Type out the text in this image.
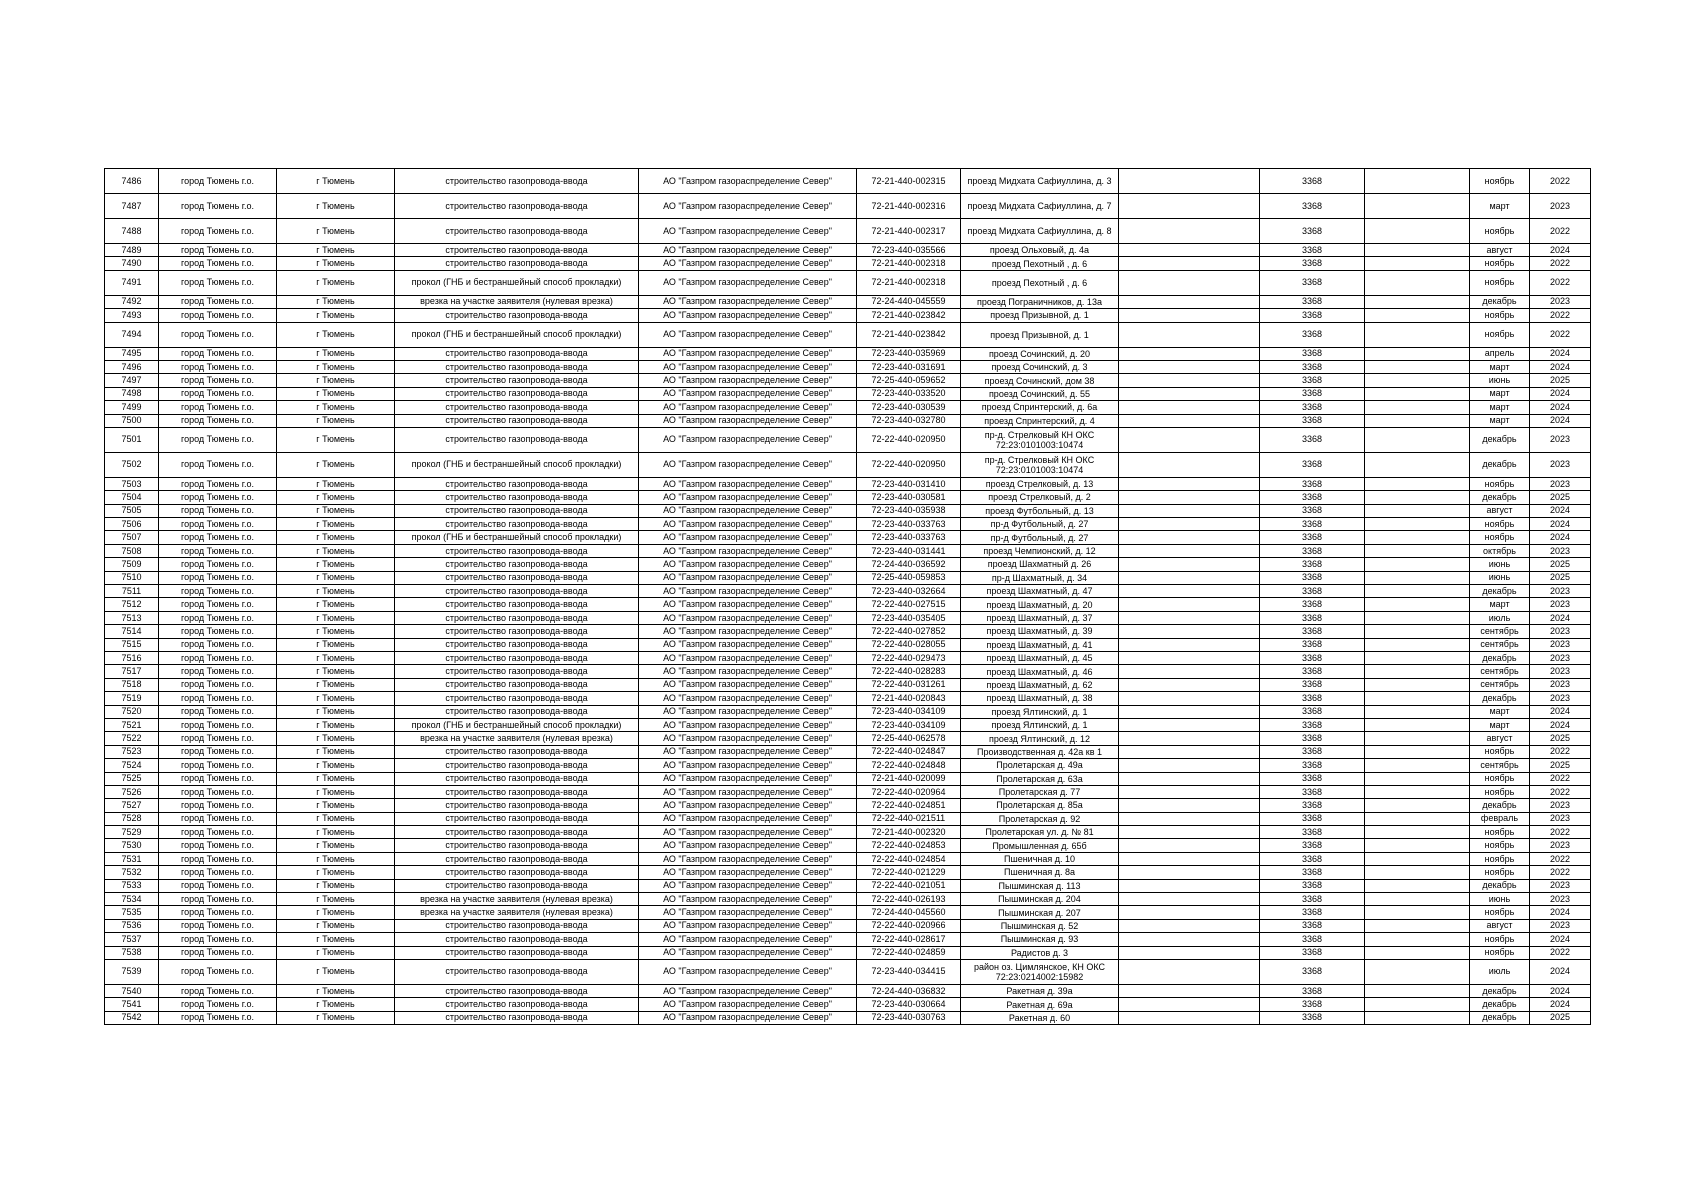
7486	город Тюмень г.о.	г Тюмень	строительство газопровода-ввода	АО "Газпром газораспределение Север"	72-21-440-002315	проезд Мидхата Сафиуллина, д. 3		3368		ноябрь	2022
7487	город Тюмень г.о.	г Тюмень	строительство газопровода-ввода	АО "Газпром газораспределение Север"	72-21-440-002316	проезд Мидхата Сафиуллина, д. 7		3368		март	2023
7488	город Тюмень г.о.	г Тюмень	строительство газопровода-ввода	АО "Газпром газораспределение Север"	72-21-440-002317	проезд Мидхата Сафиуллина, д. 8		3368		ноябрь	2022
7489	город Тюмень г.о.	г Тюмень	строительство газопровода-ввода	АО "Газпром газораспределение Север"	72-23-440-035566	проезд Ольховый, д. 4а		3368		август	2024
7490	город Тюмень г.о.	г Тюмень	строительство газопровода-ввода	АО "Газпром газораспределение Север"	72-21-440-002318	проезд Пехотный , д. 6		3368		ноябрь	2022
7491	город Тюмень г.о.	г Тюмень	прокол (ГНБ и бестраншейный способ прокладки)	АО "Газпром газораспределение Север"	72-21-440-002318	проезд Пехотный , д. 6		3368		ноябрь	2022
7492	город Тюмень г.о.	г Тюмень	врезка на участке заявителя (нулевая врезка)	АО "Газпром газораспределение Север"	72-24-440-045559	проезд Пограничников, д. 13а		3368		декабрь	2023
7493	город Тюмень г.о.	г Тюмень	строительство газопровода-ввода	АО "Газпром газораспределение Север"	72-21-440-023842	проезд Призывной, д. 1		3368		ноябрь	2022
7494	город Тюмень г.о.	г Тюмень	прокол (ГНБ и бестраншейный способ прокладки)	АО "Газпром газораспределение Север"	72-21-440-023842	проезд Призывной, д. 1		3368		ноябрь	2022
7495	город Тюмень г.о.	г Тюмень	строительство газопровода-ввода	АО "Газпром газораспределение Север"	72-23-440-035969	проезд Сочинский, д. 20		3368		апрель	2024
7496	город Тюмень г.о.	г Тюмень	строительство газопровода-ввода	АО "Газпром газораспределение Север"	72-23-440-031691	проезд Сочинский, д. 3		3368		март	2024
7497	город Тюмень г.о.	г Тюмень	строительство газопровода-ввода	АО "Газпром газораспределение Север"	72-25-440-059652	проезд Сочинский, дом 38		3368		июнь	2025
7498	город Тюмень г.о.	г Тюмень	строительство газопровода-ввода	АО "Газпром газораспределение Север"	72-23-440-033520	проезд Сочинский, д. 55		3368		март	2024
7499	город Тюмень г.о.	г Тюмень	строительство газопровода-ввода	АО "Газпром газораспределение Север"	72-23-440-030539	проезд Спринтерский, д. 6а		3368		март	2024
7500	город Тюмень г.о.	г Тюмень	строительство газопровода-ввода	АО "Газпром газораспределение Север"	72-23-440-032780	проезд Спринтерский, д. 4		3368		март	2024
7501	город Тюмень г.о.	г Тюмень	строительство газопровода-ввода	АО "Газпром газораспределение Север"	72-22-440-020950	пр-д. Стрелковый КН ОКС 72:23:0101003:10474		3368		декабрь	2023
7502	город Тюмень г.о.	г Тюмень	прокол (ГНБ и бестраншейный способ прокладки)	АО "Газпром газораспределение Север"	72-22-440-020950	пр-д. Стрелковый КН ОКС 72:23:0101003:10474		3368		декабрь	2023
7503	город Тюмень г.о.	г Тюмень	строительство газопровода-ввода	АО "Газпром газораспределение Север"	72-23-440-031410	проезд Стрелковый, д. 13		3368		ноябрь	2023
7504	город Тюмень г.о.	г Тюмень	строительство газопровода-ввода	АО "Газпром газораспределение Север"	72-23-440-030581	проезд Стрелковый, д. 2		3368		декабрь	2025
7505	город Тюмень г.о.	г Тюмень	строительство газопровода-ввода	АО "Газпром газораспределение Север"	72-23-440-035938	проезд Футбольный, д. 13		3368		август	2024
7506	город Тюмень г.о.	г Тюмень	строительство газопровода-ввода	АО "Газпром газораспределение Север"	72-23-440-033763	пр-д Футбольный, д. 27		3368		ноябрь	2024
7507	город Тюмень г.о.	г Тюмень	прокол (ГНБ и бестраншейный способ прокладки)	АО "Газпром газораспределение Север"	72-23-440-033763	пр-д Футбольный, д. 27		3368		ноябрь	2024
7508	город Тюмень г.о.	г Тюмень	строительство газопровода-ввода	АО "Газпром газораспределение Север"	72-23-440-031441	проезд Чемпионский, д. 12		3368		октябрь	2023
7509	город Тюмень г.о.	г Тюмень	строительство газопровода-ввода	АО "Газпром газораспределение Север"	72-24-440-036592	проезд Шахматный д. 26		3368		июнь	2025
7510	город Тюмень г.о.	г Тюмень	строительство газопровода-ввода	АО "Газпром газораспределение Север"	72-25-440-059853	пр-д Шахматный, д. 34		3368		июнь	2025
7511	город Тюмень г.о.	г Тюмень	строительство газопровода-ввода	АО "Газпром газораспределение Север"	72-23-440-032664	проезд Шахматный, д. 47		3368		декабрь	2023
7512	город Тюмень г.о.	г Тюмень	строительство газопровода-ввода	АО "Газпром газораспределение Север"	72-22-440-027515	проезд Шахматный, д. 20		3368		март	2023
7513	город Тюмень г.о.	г Тюмень	строительство газопровода-ввода	АО "Газпром газораспределение Север"	72-23-440-035405	проезд Шахматный, д. 37		3368		июль	2024
7514	город Тюмень г.о.	г Тюмень	строительство газопровода-ввода	АО "Газпром газораспределение Север"	72-22-440-027852	проезд Шахматный, д. 39		3368		сентябрь	2023
7515	город Тюмень г.о.	г Тюмень	строительство газопровода-ввода	АО "Газпром газораспределение Север"	72-22-440-028055	проезд Шахматный, д. 41		3368		сентябрь	2023
7516	город Тюмень г.о.	г Тюмень	строительство газопровода-ввода	АО "Газпром газораспределение Север"	72-22-440-029473	проезд Шахматный, д. 45		3368		декабрь	2023
7517	город Тюмень г.о.	г Тюмень	строительство газопровода-ввода	АО "Газпром газораспределение Север"	72-22-440-028283	проезд Шахматный, д. 46		3368		сентябрь	2023
7518	город Тюмень г.о.	г Тюмень	строительство газопровода-ввода	АО "Газпром газораспределение Север"	72-22-440-031261	проезд Шахматный, д. 62		3368		сентябрь	2023
7519	город Тюмень г.о.	г Тюмень	строительство газопровода-ввода	АО "Газпром газораспределение Север"	72-21-440-020843	проезд Шахматный, д. 38		3368		декабрь	2023
7520	город Тюмень г.о.	г Тюмень	строительство газопровода-ввода	АО "Газпром газораспределение Север"	72-23-440-034109	проезд Ялтинский, д. 1		3368		март	2024
7521	город Тюмень г.о.	г Тюмень	прокол (ГНБ и бестраншейный способ прокладки)	АО "Газпром газораспределение Север"	72-23-440-034109	проезд Ялтинский, д. 1		3368		март	2024
7522	город Тюмень г.о.	г Тюмень	врезка на участке заявителя (нулевая врезка)	АО "Газпром газораспределение Север"	72-25-440-062578	проезд Ялтинский, д. 12		3368		август	2025
7523	город Тюмень г.о.	г Тюмень	строительство газопровода-ввода	АО "Газпром газораспределение Север"	72-22-440-024847	Производственная д. 42а кв 1		3368		ноябрь	2022
7524	город Тюмень г.о.	г Тюмень	строительство газопровода-ввода	АО "Газпром газораспределение Север"	72-22-440-024848	Пролетарская д. 49а		3368		сентябрь	2025
7525	город Тюмень г.о.	г Тюмень	строительство газопровода-ввода	АО "Газпром газораспределение Север"	72-21-440-020099	Пролетарская д. 63а		3368		ноябрь	2022
7526	город Тюмень г.о.	г Тюмень	строительство газопровода-ввода	АО "Газпром газораспределение Север"	72-22-440-020964	Пролетарская д. 77		3368		ноябрь	2022
7527	город Тюмень г.о.	г Тюмень	строительство газопровода-ввода	АО "Газпром газораспределение Север"	72-22-440-024851	Пролетарская д. 85а		3368		декабрь	2023
7528	город Тюмень г.о.	г Тюмень	строительство газопровода-ввода	АО "Газпром газораспределение Север"	72-22-440-021511	Пролетарская д. 92		3368		февраль	2023
7529	город Тюмень г.о.	г Тюмень	строительство газопровода-ввода	АО "Газпром газораспределение Север"	72-21-440-002320	Пролетарская ул. д. № 81		3368		ноябрь	2022
7530	город Тюмень г.о.	г Тюмень	строительство газопровода-ввода	АО "Газпром газораспределение Север"	72-22-440-024853	Промышленная д. 65б		3368		ноябрь	2023
7531	город Тюмень г.о.	г Тюмень	строительство газопровода-ввода	АО "Газпром газораспределение Север"	72-22-440-024854	Пшеничная д. 10		3368		ноябрь	2022
7532	город Тюмень г.о.	г Тюмень	строительство газопровода-ввода	АО "Газпром газораспределение Север"	72-22-440-021229	Пшеничная д. 8а		3368		ноябрь	2022
7533	город Тюмень г.о.	г Тюмень	строительство газопровода-ввода	АО "Газпром газораспределение Север"	72-22-440-021051	Пышминская д. 113		3368		декабрь	2023
7534	город Тюмень г.о.	г Тюмень	врезка на участке заявителя (нулевая врезка)	АО "Газпром газораспределение Север"	72-22-440-026193	Пышминская д. 204		3368		июнь	2023
7535	город Тюмень г.о.	г Тюмень	врезка на участке заявителя (нулевая врезка)	АО "Газпром газораспределение Север"	72-24-440-045560	Пышминская д. 207		3368		ноябрь	2024
7536	город Тюмень г.о.	г Тюмень	строительство газопровода-ввода	АО "Газпром газораспределение Север"	72-22-440-020966	Пышминская д. 52		3368		август	2023
7537	город Тюмень г.о.	г Тюмень	строительство газопровода-ввода	АО "Газпром газораспределение Север"	72-22-440-028617	Пышминская д. 93		3368		ноябрь	2024
7538	город Тюмень г.о.	г Тюмень	строительство газопровода-ввода	АО "Газпром газораспределение Север"	72-22-440-024859	Радистов д. 3		3368		ноябрь	2022
7539	город Тюмень г.о.	г Тюмень	строительство газопровода-ввода	АО "Газпром газораспределение Север"	72-23-440-034415	район оз. Цимлянское, КН ОКС 72:23:0214002:15982		3368		июль	2024
7540	город Тюмень г.о.	г Тюмень	строительство газопровода-ввода	АО "Газпром газораспределение Север"	72-24-440-036832	Ракетная д. 39а		3368		декабрь	2024
7541	город Тюмень г.о.	г Тюмень	строительство газопровода-ввода	АО "Газпром газораспределение Север"	72-23-440-030664	Ракетная д. 69а		3368		декабрь	2024
7542	город Тюмень г.о.	г Тюмень	строительство газопровода-ввода	АО "Газпром газораспределение Север"	72-23-440-030763	Ракетная д. 60		3368		декабрь	2025
